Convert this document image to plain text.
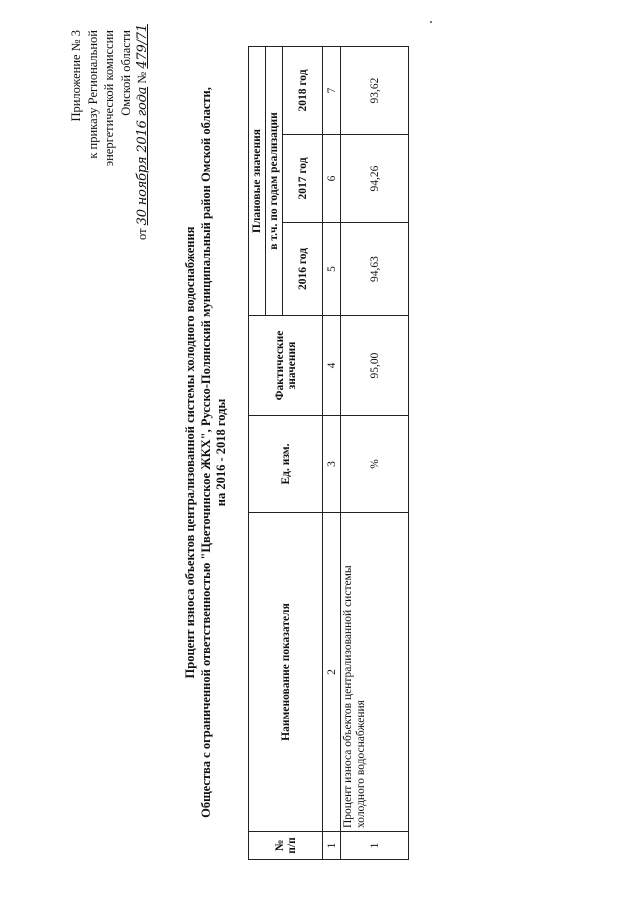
Приложение № 3 к приказу Региональной энергетической комиссии Омской области
от 30 ноября 2016 года № 479/71
Процент износа объектов централизованной системы холодного водоснабжения Общества с ограниченной ответственностью "Цветочинское ЖКХ", Русско-Полянский муниципальный район Омской области, на 2016 - 2018 годы
№ п/п	Наименование показателя	Ед. изм.	Фактические значения	Плановые значения		
				в т.ч. по годам реализации		
				2016 год	2017 год	2018 год
1	2	3	4	5	6	7
1	Процент износа объектов централизованной системы холодного водоснабжения	%	95,00	94,63	94,26	93,62
